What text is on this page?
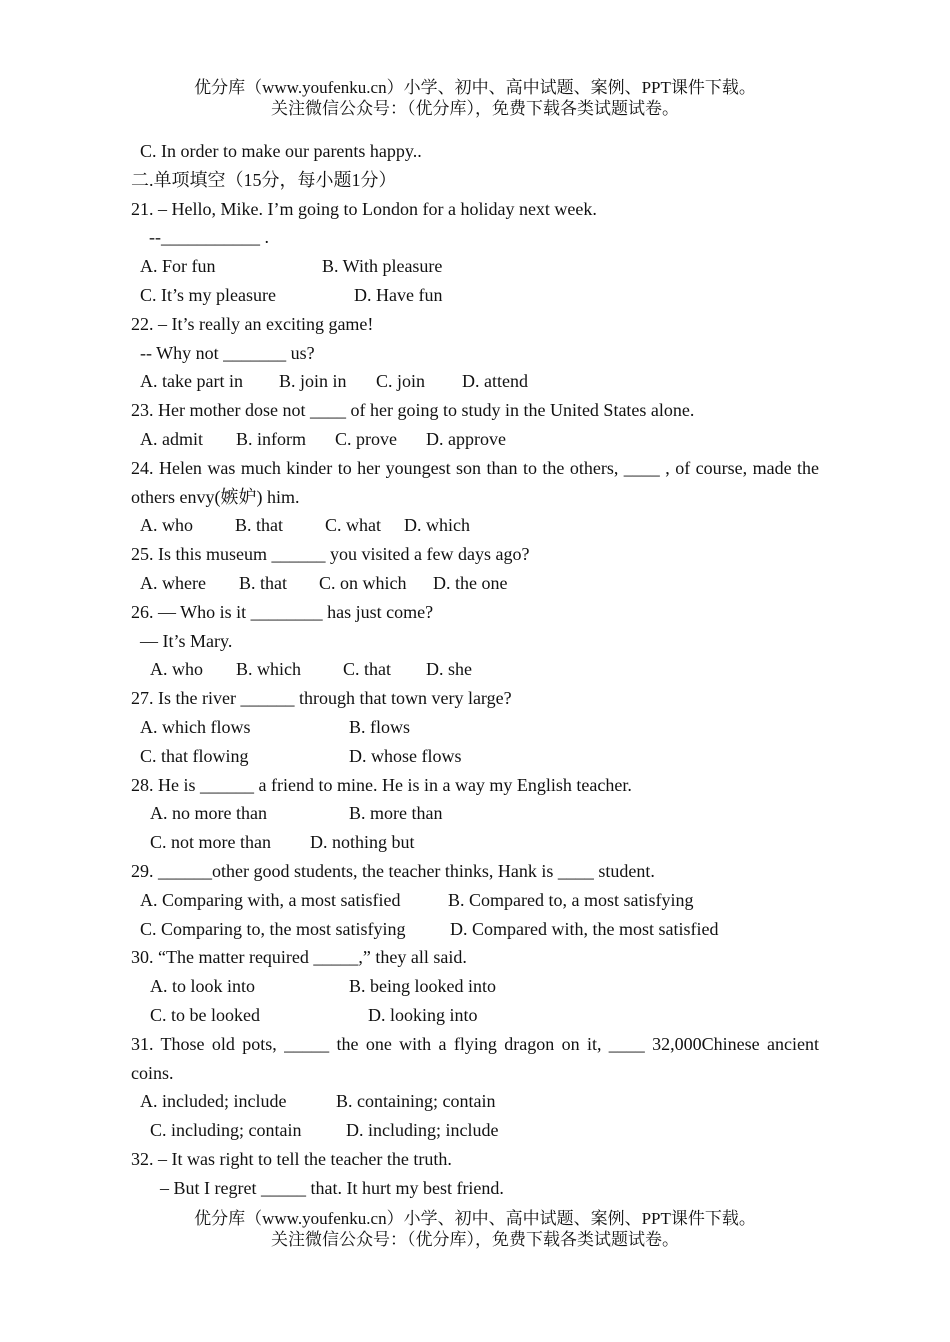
优分库（www.youfenku.cn）小学、初中、高中试题、案例、PPT课件下载。
关注微信公众号：（优分库），免费下载各类试题试卷。
C. In order to make our parents happy..
二.单项填空（15分，每小题1分）
21. – Hello, Mike. I’m going to London for a holiday next week.
--___________ .
A. For fun	B. With pleasure
C. It’s my pleasure	D. Have fun
22. – It’s really an exciting game!
-- Why not _______ us?
A. take part in	B. join in	C. join	D. attend
23. Her mother dose not ____ of her going to study in the United States alone.
A. admit	B. inform	C. prove	D. approve
24. Helen was much kinder to her youngest son than to the others, ____ , of course, made the others envy(嫉妒) him.
A. who	B. that	C. what	D. which
25. Is this museum ______ you visited a few days ago?
A. where	B. that	C. on which	D. the one
26. — Who is it ________ has just come?
— It’s Mary.
A. who	B. which	C. that	D. she
27. Is the river ______ through that town very large?
A. which flows	B. flows
C. that flowing	D. whose flows
28. He is ______ a friend to mine. He is in a way my English teacher.
A. no more than	B. more than
C. not more than	D. nothing but
29. ______other good students, the teacher thinks, Hank is ____ student.
A. Comparing with, a most satisfied	B. Compared to, a most satisfying
C. Comparing to, the most satisfying	D. Compared with, the most satisfied
30. “The matter required _____,” they all said.
A. to look into	B. being looked into
C. to be looked	D. looking into
31. Those old pots, _____ the one with a flying dragon on it, ____ 32,000Chinese ancient coins.
A. included; include	B. containing; contain
C. including; contain	D. including; include
32. – It was right to tell the teacher the truth.
– But I regret _____ that. It hurt my best friend.
优分库（www.youfenku.cn）小学、初中、高中试题、案例、PPT课件下载。
关注微信公众号：（优分库），免费下载各类试题试卷。
